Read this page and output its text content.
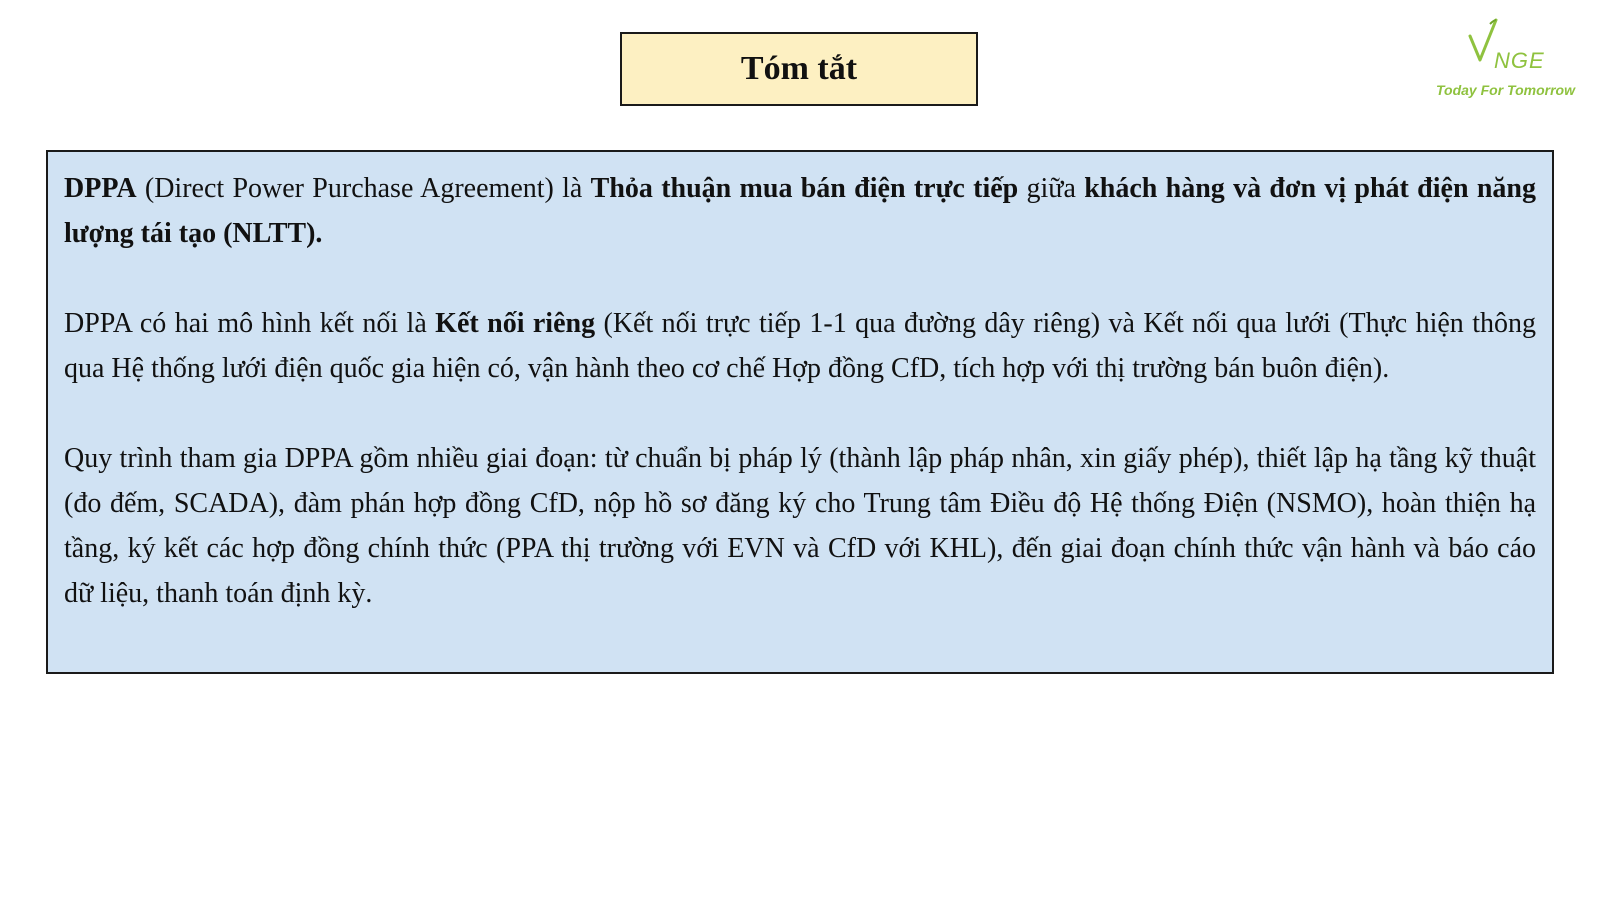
Tóm tắt	NGE
Today For Tomorrow

DPPA (Direct Power Purchase Agreement) là Thỏa thuận mua bán điện trực tiếp giữa khách hàng và đơn vị phát điện năng lượng tái tạo (NLTT).

DPPA có hai mô hình kết nối là Kết nối riêng (Kết nối trực tiếp 1-1 qua đường dây riêng) và Kết nối qua lưới (Thực hiện thông qua Hệ thống lưới điện quốc gia hiện có, vận hành theo cơ chế Hợp đồng CfD, tích hợp với thị trường bán buôn điện).

Quy trình tham gia DPPA gồm nhiều giai đoạn: từ chuẩn bị pháp lý (thành lập pháp nhân, xin giấy phép), thiết lập hạ tầng kỹ thuật (đo đếm, SCADA), đàm phán hợp đồng CfD, nộp hồ sơ đăng ký cho Trung tâm Điều độ Hệ thống Điện (NSMO), hoàn thiện hạ tầng, ký kết các hợp đồng chính thức (PPA thị trường với EVN và CfD với KHL), đến giai đoạn chính thức vận hành và báo cáo dữ liệu, thanh toán định kỳ.
